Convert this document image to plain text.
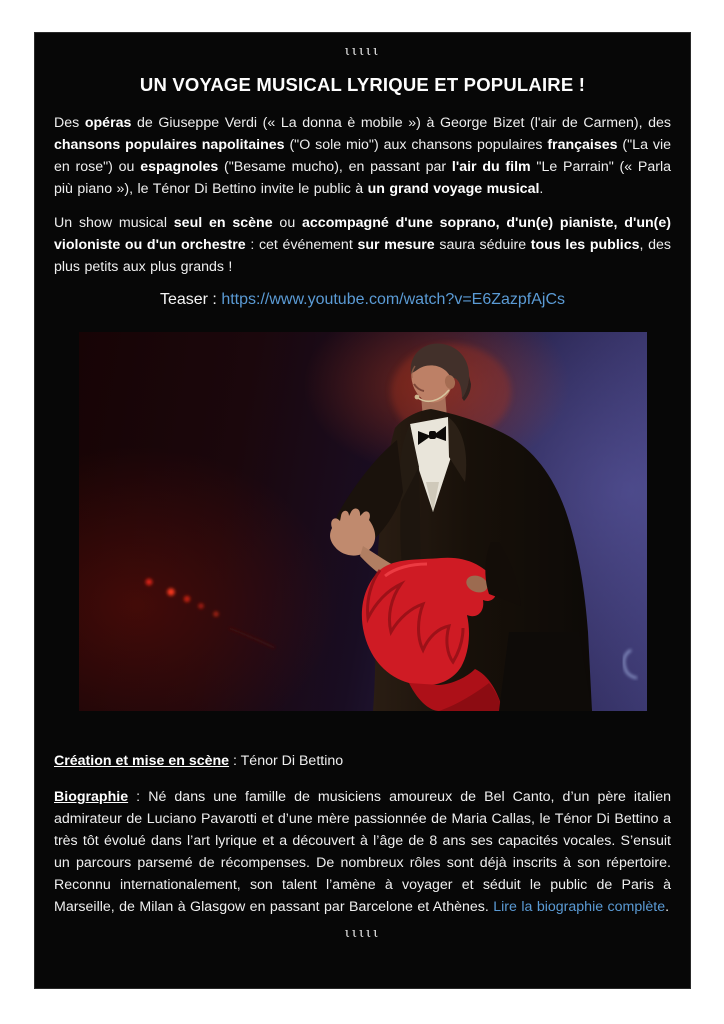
ιιιιι
UN VOYAGE MUSICAL LYRIQUE ET POPULAIRE !

Des opéras de Giuseppe Verdi (« La donna è mobile ») à George Bizet (l'air de Carmen), des chansons populaires napolitaines ("O sole mio") aux chansons populaires françaises ("La vie en rose") ou espagnoles ("Besame mucho), en passant par l'air du film "Le Parrain" (« Parla più piano »), le Ténor Di Bettino invite le public à un grand voyage musical.

Un show musical seul en scène ou accompagné d'une soprano, d'un(e) pianiste, d'un(e) violoniste ou d'un orchestre : cet événement sur mesure saura séduire tous les publics, des plus petits aux plus grands !

Teaser : https://www.youtube.com/watch?v=E6ZazpfAjCs
Création et mise en scène : Ténor Di Bettino

Biographie : Né dans une famille de musiciens amoureux de Bel Canto, d’un père italien admirateur de Luciano Pavarotti et d’une mère passionnée de Maria Callas, le Ténor Di Bettino a très tôt évolué dans l’art lyrique et a découvert à l’âge de 8 ans ses capacités vocales. S’ensuit un parcours parsemé de récompenses. De nombreux rôles sont déjà inscrits à son répertoire. Reconnu internationalement, son talent l’amène à voyager et séduit le public de Paris à Marseille, de Milan à Glasgow en passant par Barcelone et Athènes. Lire la biographie complète.

ιιιιι
